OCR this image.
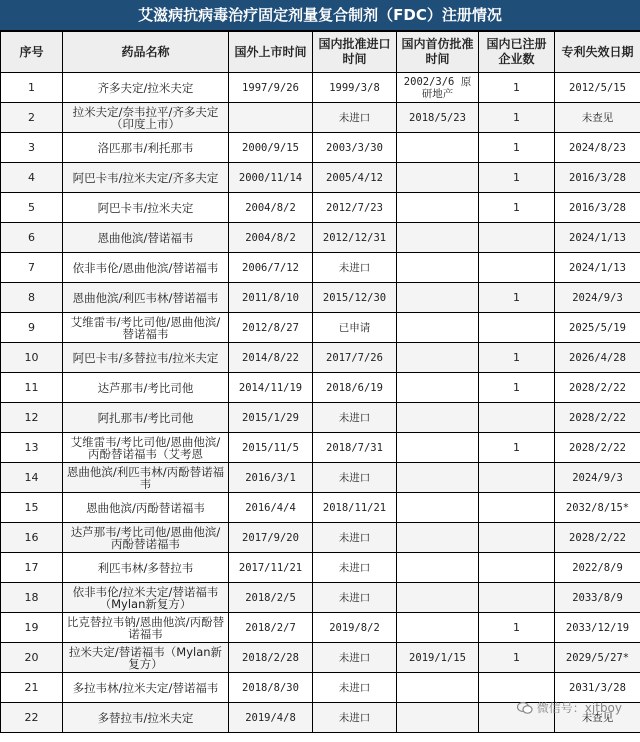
艾滋病抗病毒治疗固定剂量复合制剂（FDC）注册情况
序号	药品名称	国外上市时间	国内批准进口时间	国内首仿批准时间	国内已注册企业数	专利失效日期
1	齐多夫定/拉米夫定	1997/9/26	1999/3/8	2002/3/6 原研地产	1	2012/5/15
2	拉米夫定/奈韦拉平/齐多夫定（印度上市）		未进口	2018/5/23	1	未查见
3	洛匹那韦/利托那韦	2000/9/15	2003/3/30		1	2024/8/23
4	阿巴卡韦/拉米夫定/齐多夫定	2000/11/14	2005/4/12		1	2016/3/28
5	阿巴卡韦/拉米夫定	2004/8/2	2012/7/23		1	2016/3/28
6	恩曲他滨/替诺福韦	2004/8/2	2012/12/31			2024/1/13
7	依非韦伦/恩曲他滨/替诺福韦	2006/7/12	未进口			2024/1/13
8	恩曲他滨/利匹韦林/替诺福韦	2011/8/10	2015/12/30		1	2024/9/3
9	艾维雷韦/考比司他/恩曲他滨/替诺福韦	2012/8/27	已申请			2025/5/19
10	阿巴卡韦/多替拉韦/拉米夫定	2014/8/22	2017/7/26		1	2026/4/28
11	达芦那韦/考比司他	2014/11/19	2018/6/19		1	2028/2/22
12	阿扎那韦/考比司他	2015/1/29	未进口			2028/2/22
13	艾维雷韦/考比司他/恩曲他滨/丙酚替诺福韦（艾考恩	2015/11/5	2018/7/31		1	2028/2/22
14	恩曲他滨/利匹韦林/丙酚替诺福韦	2016/3/1	未进口			2024/9/3
15	恩曲他滨/丙酚替诺福韦	2016/4/4	2018/11/21			2032/8/15*
16	达芦那韦/考比司他/恩曲他滨/丙酚替诺福韦	2017/9/20	未进口			2028/2/22
17	利匹韦林/多替拉韦	2017/11/21	未进口			2022/8/9
18	依非韦伦/拉米夫定/替诺福韦（Mylan新复方）	2018/2/5	未进口			2033/8/9
19	比克替拉韦钠/恩曲他滨/丙酚替诺福韦	2018/2/7	2019/8/2		1	2033/12/19
20	拉米夫定/替诺福韦（Mylan新复方）	2018/2/28	未进口	2019/1/15	1	2029/5/27*
21	多拉韦林/拉米夫定/替诺福韦	2018/8/30	未进口			2031/3/28
22	多替拉韦/拉米夫定	2019/4/8	未进口			未查见
微信号：xjtboy
